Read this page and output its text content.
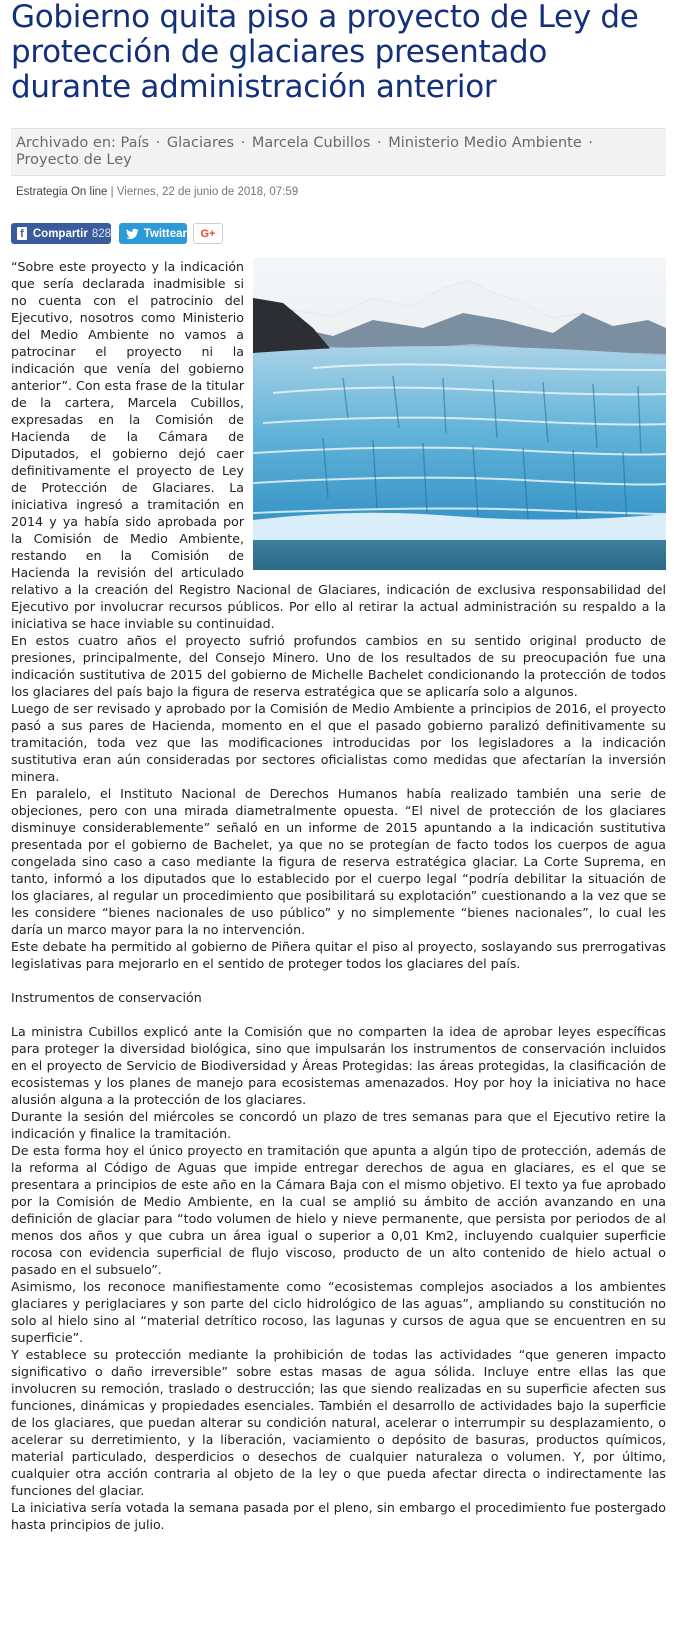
Gobierno quita piso a proyecto de Ley de protección de glaciares presentado durante administración anterior
Archivado en: País · Glaciares · Marcela Cubillos · Ministerio Medio Ambiente · Proyecto de Ley
Estrategia On line | Viernes, 22 de junio de 2018, 07:59
f Compartir 828	Twittear G+

“Sobre este proyecto y la indicación que sería declarada inadmisible si no cuenta con el patrocinio del Ejecutivo, nosotros como Ministerio del Medio Ambiente no vamos a patrocinar el proyecto ni la indicación que venía del gobierno anterior”. Con esta frase de la titular de la cartera, Marcela Cubillos, expresadas en la Comisión de Hacienda de la Cámara de Diputados, el gobierno dejó caer definitivamente el proyecto de Ley de Protección de Glaciares. La iniciativa ingresó a tramitación en 2014 y ya había sido aprobada por la Comisión de Medio Ambiente, restando en la Comisión de Hacienda la revisión del articulado relativo a la creación del Registro Nacional de Glaciares, indicación de exclusiva responsabilidad del Ejecutivo por involucrar recursos públicos. Por ello al retirar la actual administración su respaldo a la iniciativa se hace inviable su continuidad.

En estos cuatro años el proyecto sufrió profundos cambios en su sentido original producto de presiones, principalmente, del Consejo Minero. Uno de los resultados de su preocupación fue una indicación sustitutiva de 2015 del gobierno de Michelle Bachelet condicionando la protección de todos los glaciares del país bajo la figura de reserva estratégica que se aplicaría solo a algunos.

Luego de ser revisado y aprobado por la Comisión de Medio Ambiente a principios de 2016, el proyecto pasó a sus pares de Hacienda, momento en el que el pasado gobierno paralizó definitivamente su tramitación, toda vez que las modificaciones introducidas por los legisladores a la indicación sustitutiva eran aún consideradas por sectores oficialistas como medidas que afectarían la inversión minera.

En paralelo, el Instituto Nacional de Derechos Humanos había realizado también una serie de objeciones, pero con una mirada diametralmente opuesta. “El nivel de protección de los glaciares disminuye considerablemente” señaló en un informe de 2015 apuntando a la indicación sustitutiva presentada por el gobierno de Bachelet, ya que no se protegían de facto todos los cuerpos de agua congelada sino caso a caso mediante la figura de reserva estratégica glaciar. La Corte Suprema, en tanto, informó a los diputados que lo establecido por el cuerpo legal “podría debilitar la situación de los glaciares, al regular un procedimiento que posibilitará su explotación” cuestionando a la vez que se les considere “bienes nacionales de uso público” y no simplemente “bienes nacionales”, lo cual les daría un marco mayor para la no intervención.

Este debate ha permitido al gobierno de Piñera quitar el piso al proyecto, soslayando sus prerrogativas legislativas para mejorarlo en el sentido de proteger todos los glaciares del país.

Instrumentos de conservación

La ministra Cubillos explicó ante la Comisión que no comparten la idea de aprobar leyes específicas para proteger la diversidad biológica, sino que impulsarán los instrumentos de conservación incluidos en el proyecto de Servicio de Biodiversidad y Áreas Protegidas: las áreas protegidas, la clasificación de ecosistemas y los planes de manejo para ecosistemas amenazados. Hoy por hoy la iniciativa no hace alusión alguna a la protección de los glaciares.

Durante la sesión del miércoles se concordó un plazo de tres semanas para que el Ejecutivo retire la indicación y finalice la tramitación.

De esta forma hoy el único proyecto en tramitación que apunta a algún tipo de protección, además de la reforma al Código de Aguas que impide entregar derechos de agua en glaciares, es el que se presentara a principios de este año en la Cámara Baja con el mismo objetivo. El texto ya fue aprobado por la Comisión de Medio Ambiente, en la cual se amplió su ámbito de acción avanzando en una definición de glaciar para “todo volumen de hielo y nieve permanente, que persista por periodos de al menos dos años y que cubra un área igual o superior a 0,01 Km2, incluyendo cualquier superficie rocosa con evidencia superficial de flujo viscoso, producto de un alto contenido de hielo actual o pasado en el subsuelo”.

Asimismo, los reconoce manifiestamente como “ecosistemas complejos asociados a los ambientes glaciares y periglaciares y son parte del ciclo hidrológico de las aguas”, ampliando su constitución no solo al hielo sino al “material detrítico rocoso, las lagunas y cursos de agua que se encuentren en su superficie”.

Y establece su protección mediante la prohibición de todas las actividades “que generen impacto significativo o daño irreversible” sobre estas masas de agua sólida. Incluye entre ellas las que involucren su remoción, traslado o destrucción; las que siendo realizadas en su superficie afecten sus funciones, dinámicas y propiedades esenciales. También el desarrollo de actividades bajo la superficie de los glaciares, que puedan alterar su condición natural, acelerar o interrumpir su desplazamiento, o acelerar su derretimiento, y la liberación, vaciamiento o depósito de basuras, productos químicos, material particulado, desperdicios o desechos de cualquier naturaleza o volumen. Y, por último, cualquier otra acción contraria al objeto de la ley o que pueda afectar directa o indirectamente las funciones del glaciar.

La iniciativa sería votada la semana pasada por el pleno, sin embargo el procedimiento fue postergado hasta principios de julio.
